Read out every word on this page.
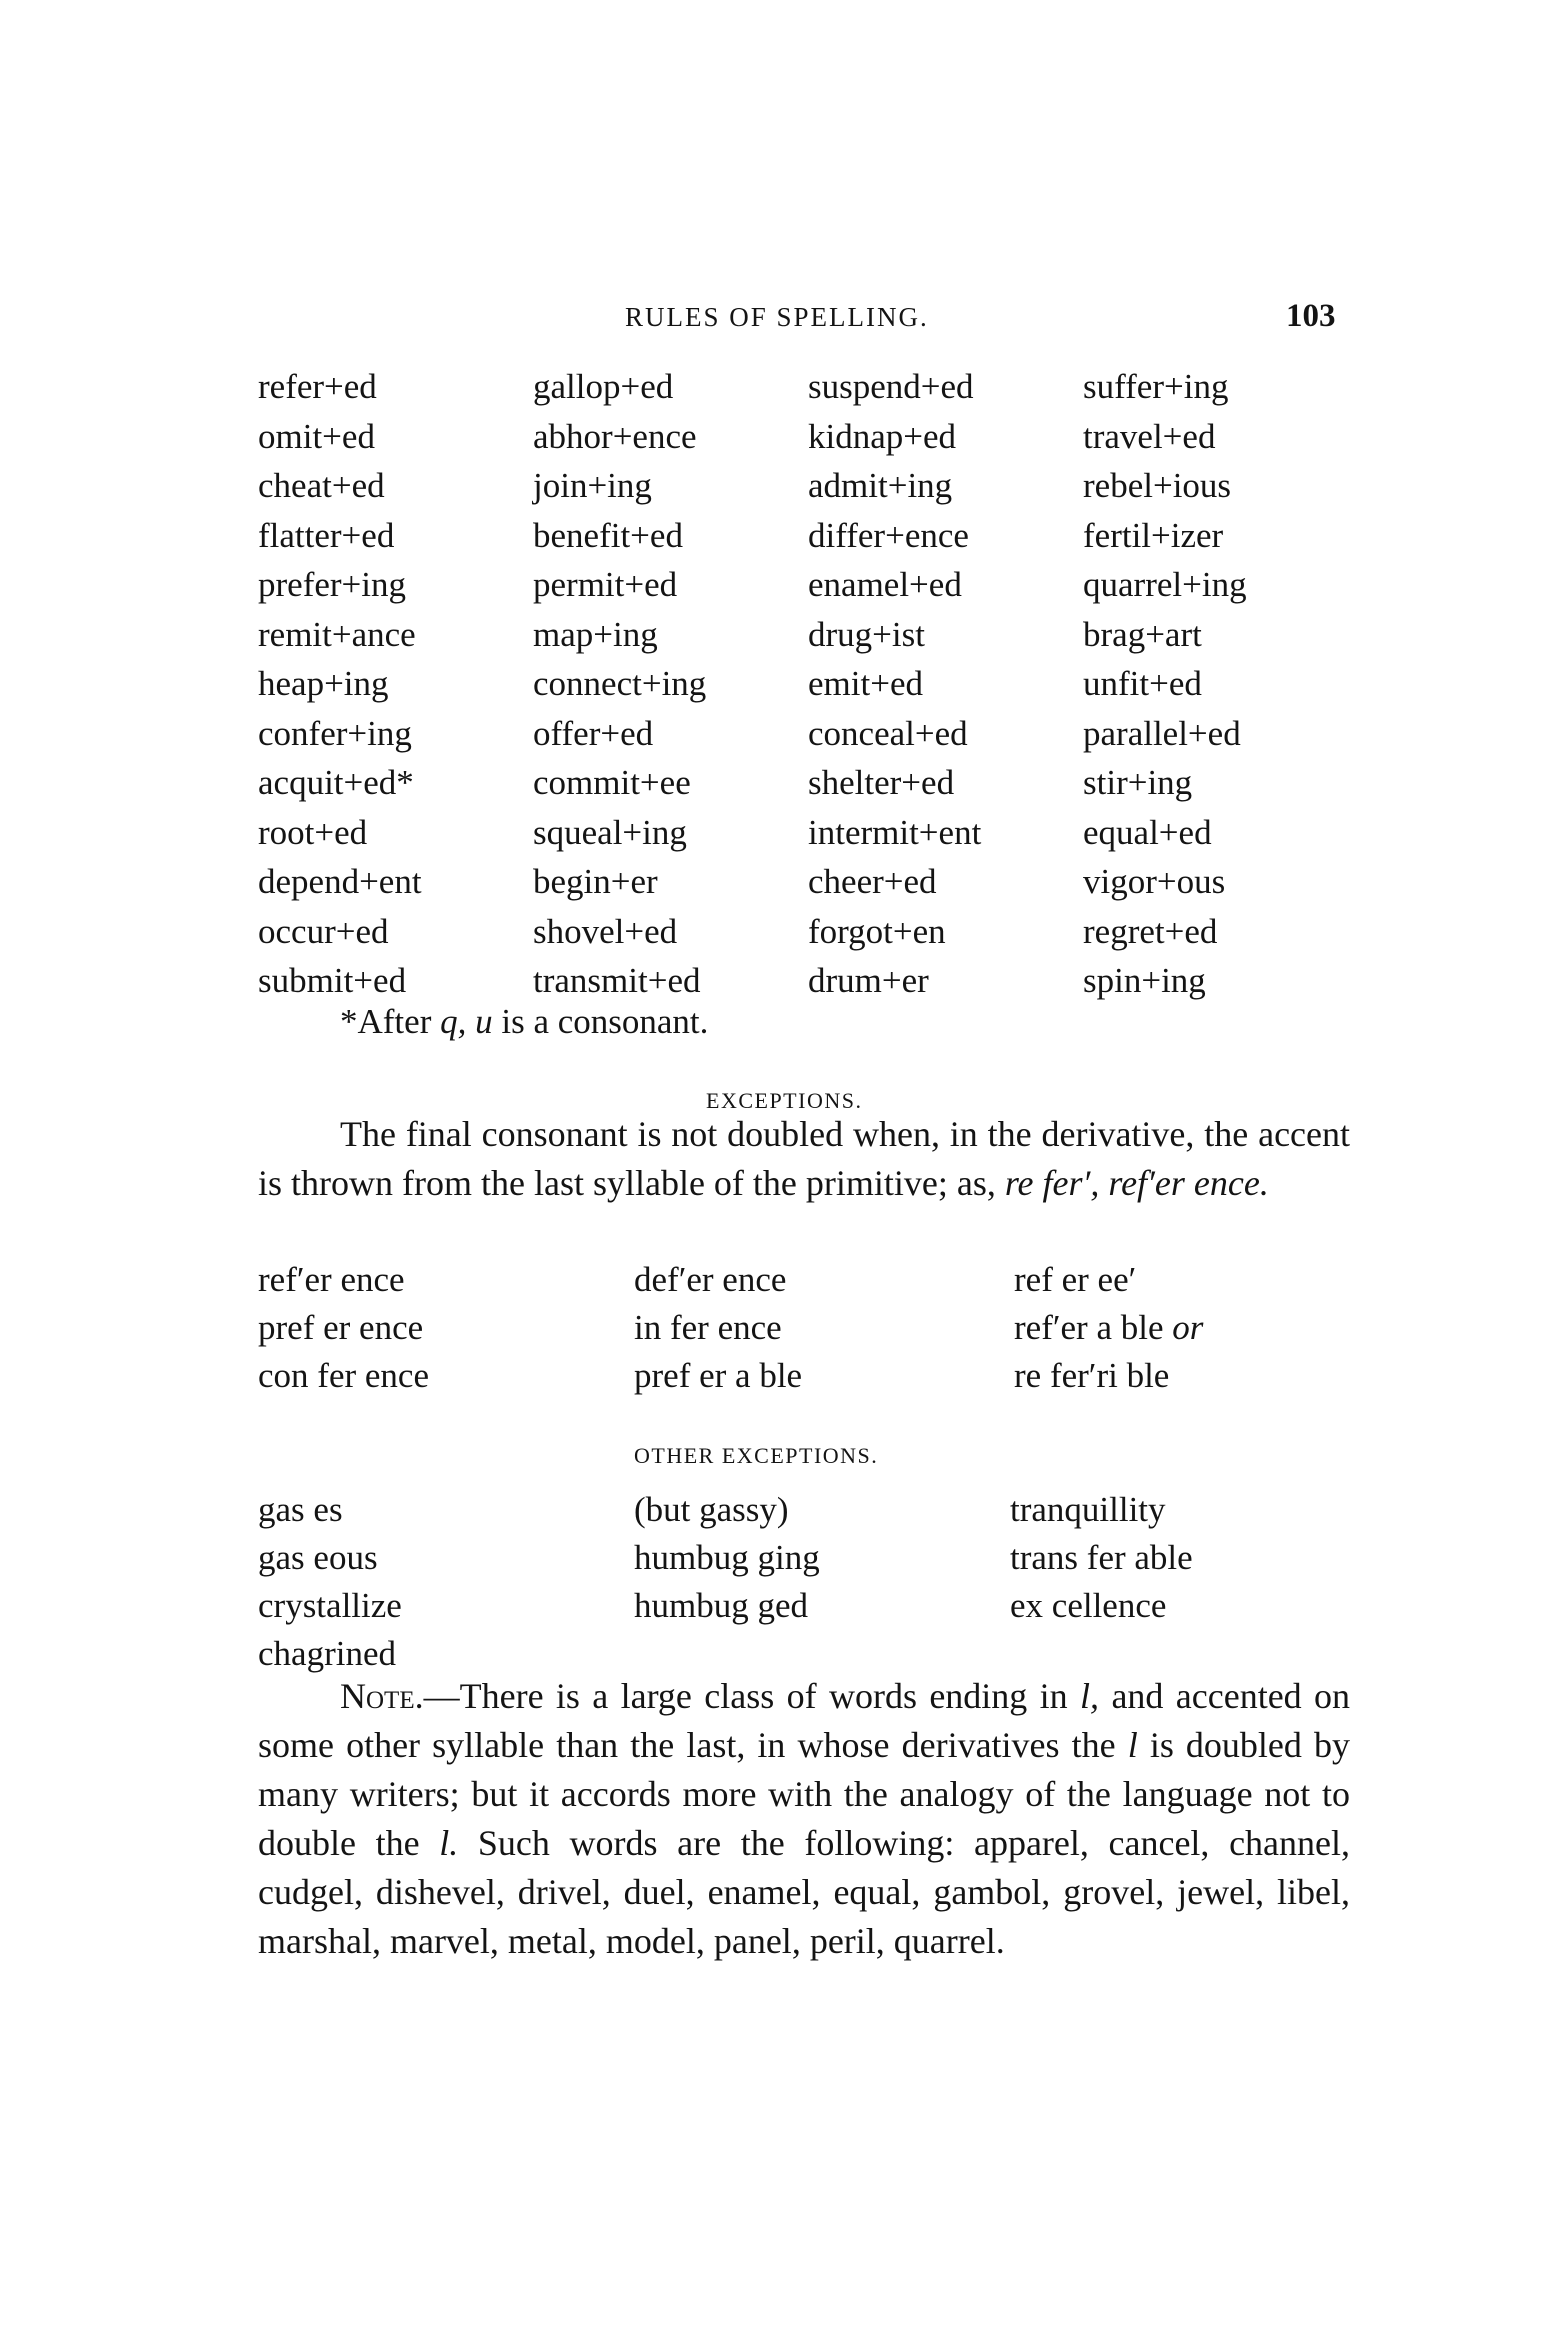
RULES OF SPELLING.	103
refer+ed
omit+ed
cheat+ed
flatter+ed
prefer+ing
remit+ance
heap+ing
confer+ing
acquit+ed*
root+ed
depend+ent
occur+ed
submit+ed
gallop+ed
abhor+ence
join+ing
benefit+ed
permit+ed
map+ing
connect+ing
offer+ed
commit+ee
squeal+ing
begin+er
shovel+ed
transmit+ed
suspend+ed
kidnap+ed
admit+ing
differ+ence
enamel+ed
drug+ist
emit+ed
conceal+ed
shelter+ed
intermit+ent
cheer+ed
forgot+en
drum+er
suffer+ing
travel+ed
rebel+ious
fertil+izer
quarrel+ing
brag+art
unfit+ed
parallel+ed
stir+ing
equal+ed
vigor+ous
regret+ed
spin+ing
*After q, u is a consonant.
EXCEPTIONS.

The final consonant is not doubled when, in the derivative, the accent is thrown from the last syllable of the primitive; as, re fer′, ref′er ence.

ref′er ence
pref er ence
con fer ence
def′er ence
in fer ence
pref er a ble
ref er ee′
ref′er a ble or
re fer′ri ble
OTHER EXCEPTIONS.
gas es
gas eous
crystallize
chagrined
(but gassy)
humbug ging
humbug ged
tranquillity
trans fer able
ex cellence

Note.—There is a large class of words ending in l, and accented on some other syllable than the last, in whose derivatives the l is doubled by many writers; but it accords more with the analogy of the language not to double the l. Such words are the following: apparel, cancel, channel, cudgel, dishevel, drivel, duel, enamel, equal, gambol, grovel, jewel, libel, marshal, marvel, metal, model, panel, peril, quarrel.
